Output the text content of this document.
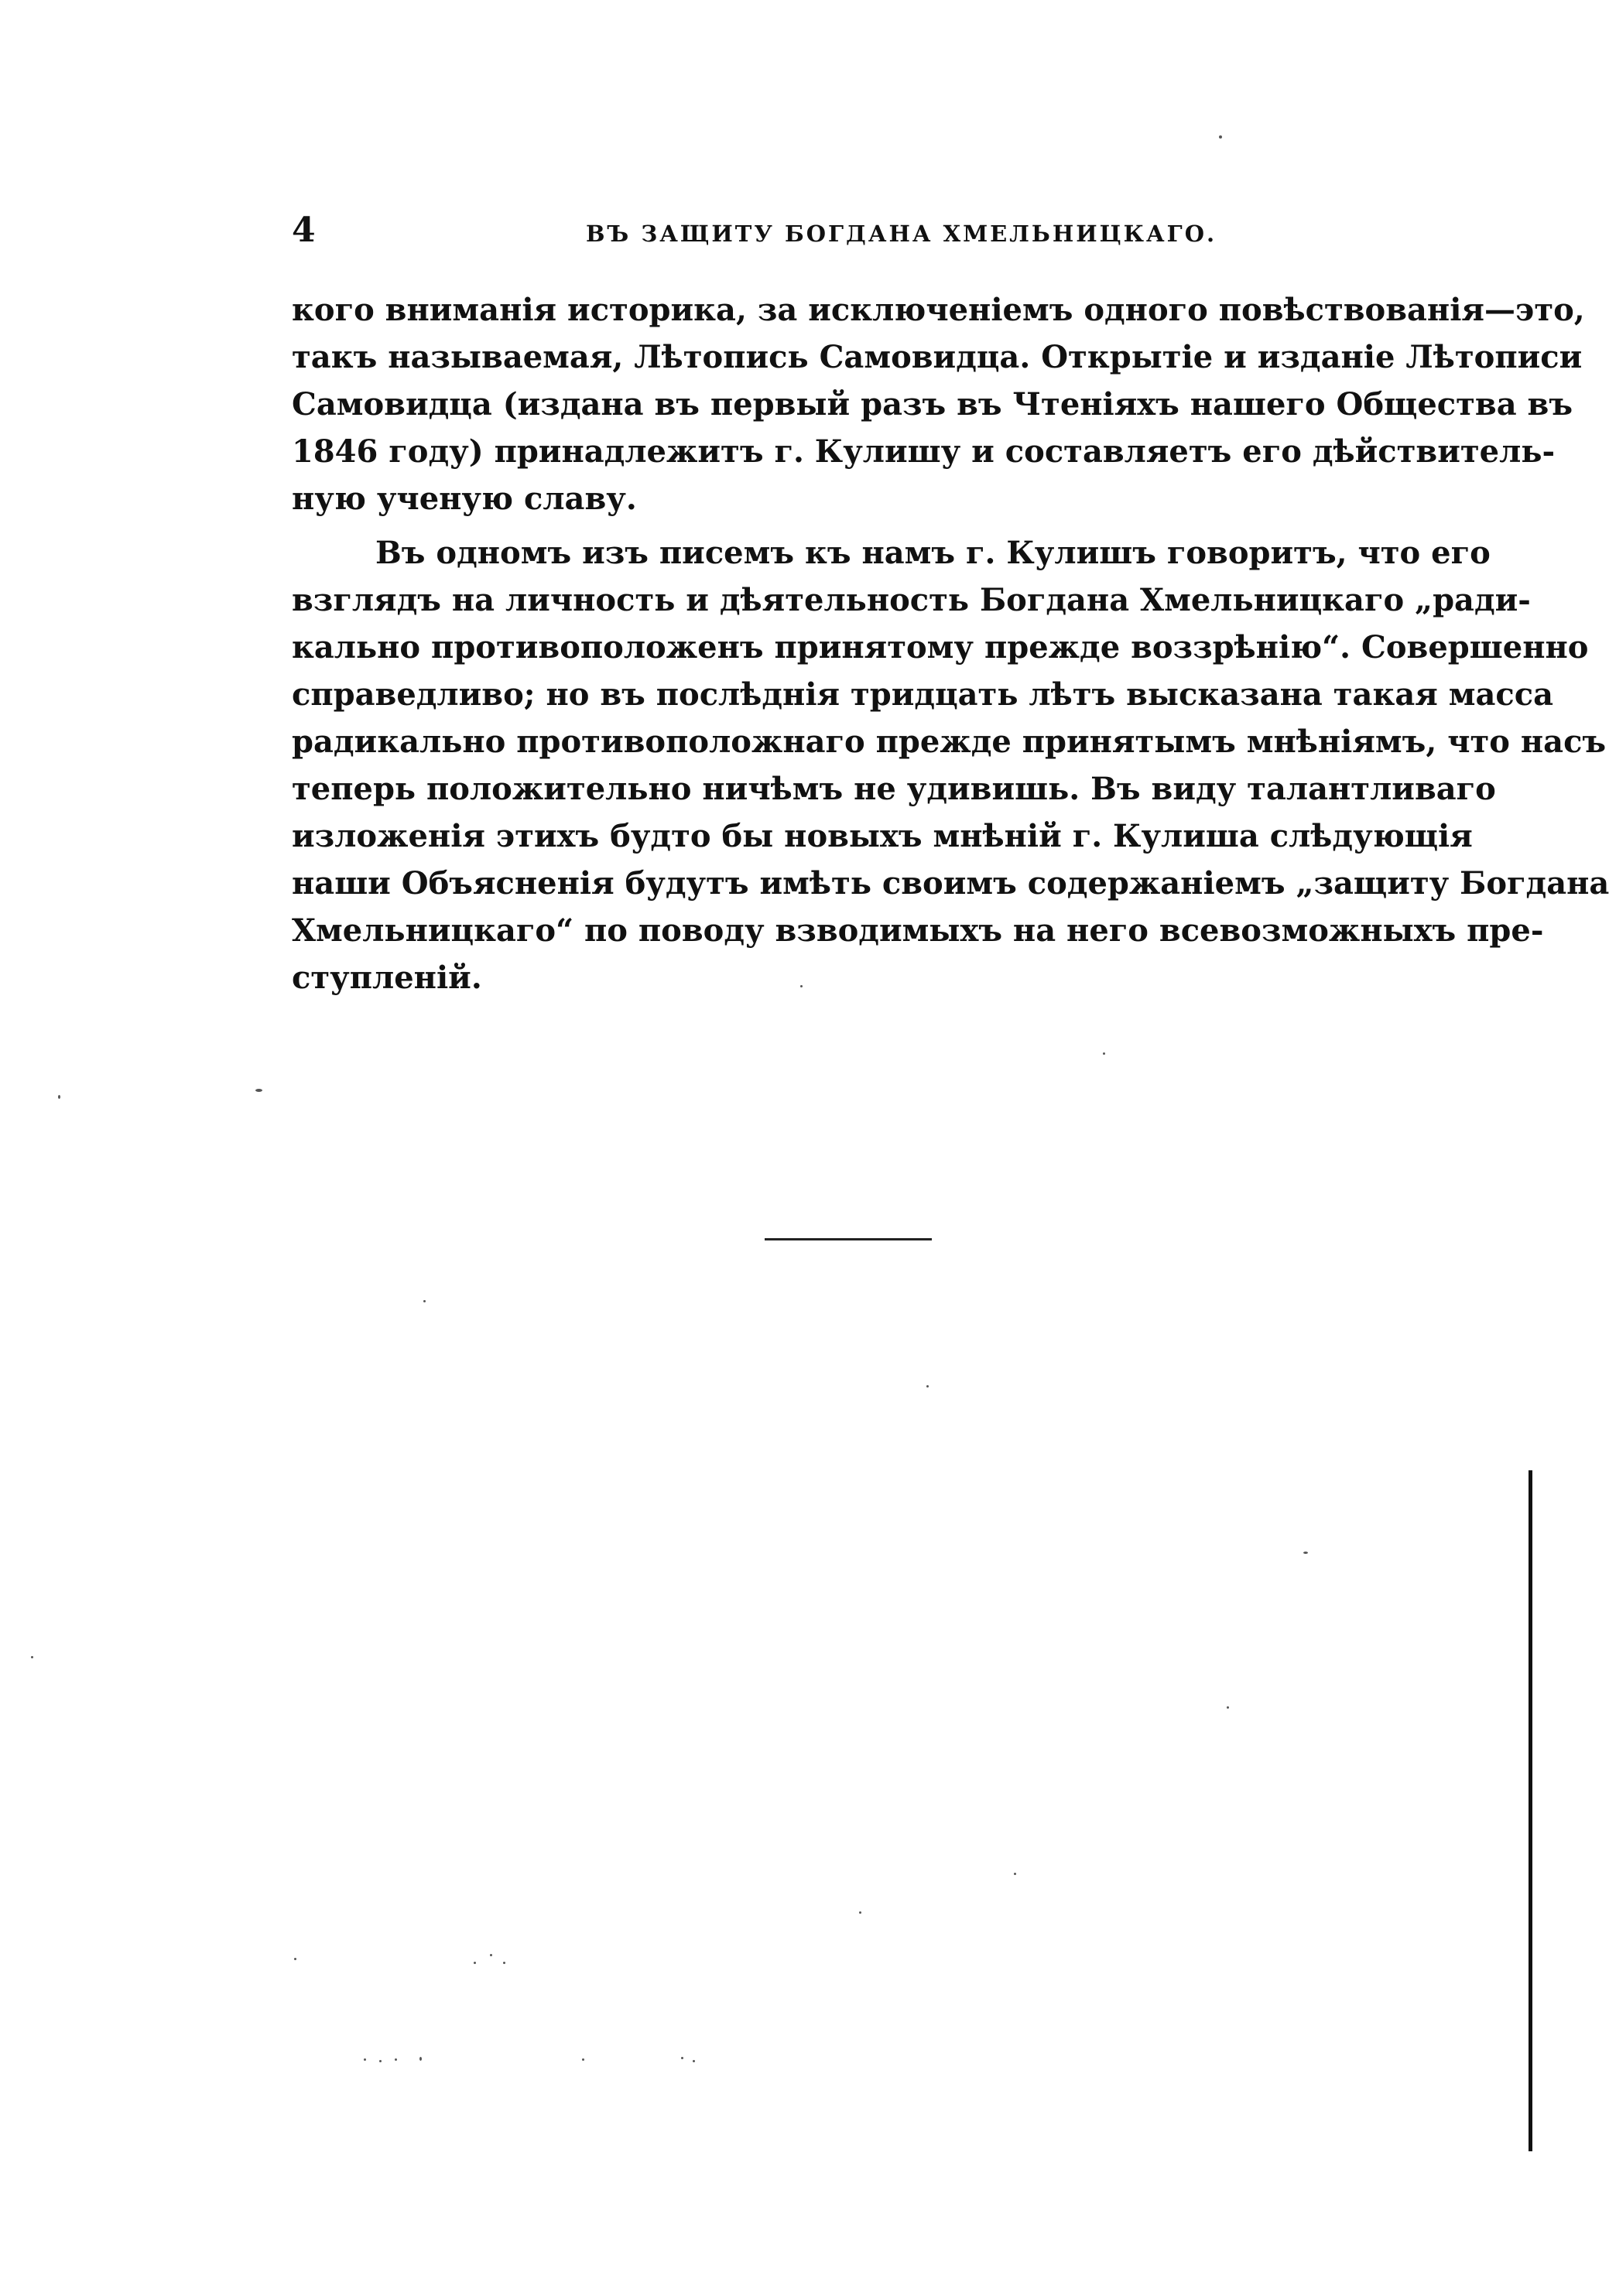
4	ВЪ ЗАЩИТУ БОГДАНА ХМЕЛЬНИЦКАГО.
кого вниманія историка, за исключеніемъ одного повѣствованія—это,
такъ называемая, Лѣтопись Самовидца. Открытіе и изданіе Лѣтописи
Самовидца (издана въ первый разъ въ Чтеніяхъ нашего Общества въ
1846 году) принадлежитъ г. Кулишу и составляетъ его дѣйствитель-
ную ученую славу.
Въ одномъ изъ писемъ къ намъ г. Кулишъ говоритъ, что его
взглядъ на личность и дѣятельность Богдана Хмельницкаго „ради-
кально противоположенъ принятому прежде воззрѣнію“. Совершенно
справедливо; но въ послѣднія тридцать лѣтъ высказана такая масса
радикально противоположнаго прежде принятымъ мнѣніямъ, что насъ
теперь положительно ничѣмъ не удивишь. Въ виду талантливаго
изложенія этихъ будто бы новыхъ мнѣній г. Кулиша слѣдующія
наши Объясненія будутъ имѣть своимъ содержаніемъ „защиту Богдана
Хмельницкаго“ по поводу взводимыхъ на него всевозможныхъ пре-
ступленій.
